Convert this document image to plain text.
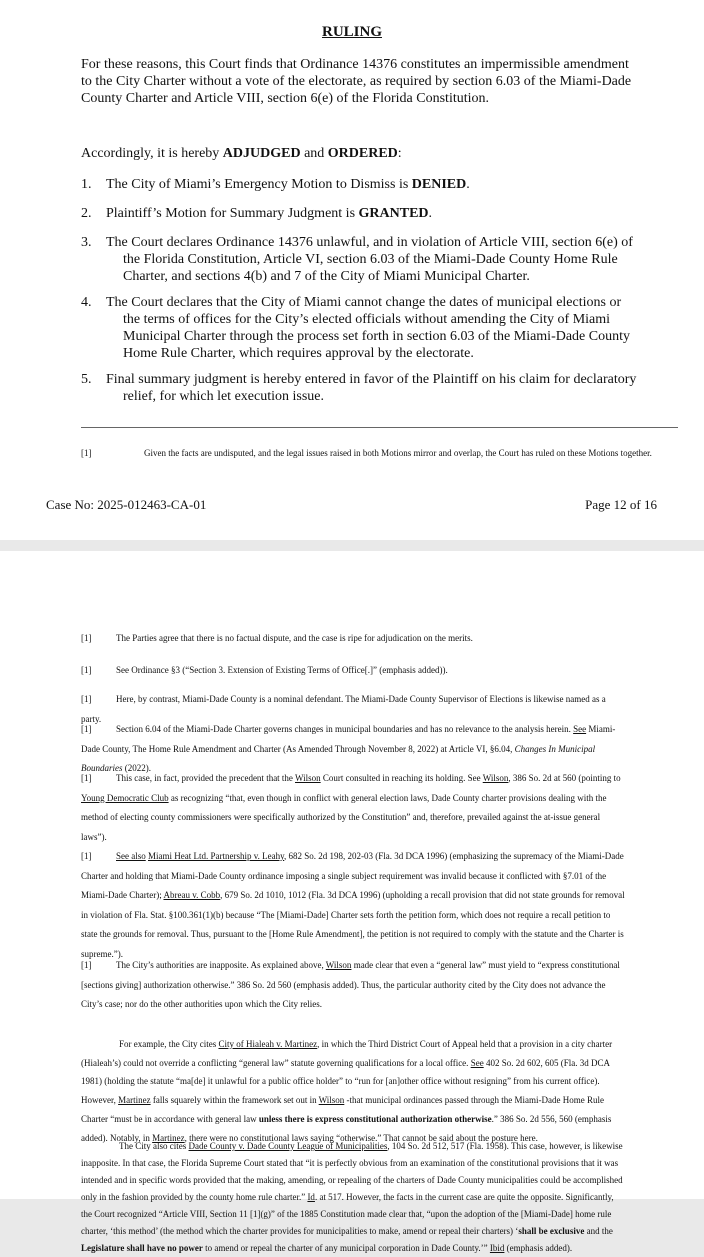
RULING
For these reasons, this Court finds that Ordinance 14376 constitutes an impermissible amendment to the City Charter without a vote of the electorate, as required by section 6.03 of the Miami-Dade County Charter and Article VIII, section 6(e) of the Florida Constitution.
Accordingly, it is hereby ADJUDGED and ORDERED:
1.	The City of Miami’s Emergency Motion to Dismiss is DENIED.
2.	Plaintiff’s Motion for Summary Judgment is GRANTED.
3.	The Court declares Ordinance 14376 unlawful, and in violation of Article VIII, section 6(e) of the Florida Constitution, Article VI, section 6.03 of the Miami-Dade County Home Rule Charter, and sections 4(b) and 7 of the City of Miami Municipal Charter.
4.	The Court declares that the City of Miami cannot change the dates of municipal elections or the terms of offices for the City’s elected officials without amending the City of Miami Municipal Charter through the process set forth in section 6.03 of the Miami-Dade County Home Rule Charter, which requires approval by the electorate.
5.	Final summary judgment is hereby entered in favor of the Plaintiff on his claim for declaratory relief, for which let execution issue.
[1]	Given the facts are undisputed, and the legal issues raised in both Motions mirror and overlap, the Court has ruled on these Motions together.
Case No: 2025-012463-CA-01	Page 12 of 16
[1]	The Parties agree that there is no factual dispute, and the case is ripe for adjudication on the merits.
[1]	See Ordinance §3 (“Section 3. Extension of Existing Terms of Office[.]” (emphasis added)).
[1]	Here, by contrast, Miami-Dade County is a nominal defendant. The Miami-Dade County Supervisor of Elections is likewise named as a party.
[1]	Section 6.04 of the Miami-Dade Charter governs changes in municipal boundaries and has no relevance to the analysis herein. See Miami-Dade County, The Home Rule Amendment and Charter (As Amended Through November 8, 2022) at Article VI, §6.04, Changes In Municipal Boundaries (2022).
[1]	This case, in fact, provided the precedent that the Wilson Court consulted in reaching its holding. See Wilson, 386 So. 2d at 560 (pointing to Young Democratic Club as recognizing “that, even though in conflict with general election laws, Dade County charter provisions dealing with the method of electing county commissioners were specifically authorized by the Constitution” and, therefore, prevailed against the at-issue general laws”).
[1]	See also Miami Heat Ltd. Partnership v. Leahy, 682 So. 2d 198, 202-03 (Fla. 3d DCA 1996) (emphasizing the supremacy of the Miami-Dade Charter and holding that Miami-Dade County ordinance imposing a single subject requirement was invalid because it conflicted with §7.01 of the Miami-Dade Charter); Abreau v. Cobb, 679 So. 2d 1010, 1012 (Fla. 3d DCA 1996) (upholding a recall provision that did not state grounds for removal in violation of Fla. Stat. §100.361(1)(b) because “The [Miami-Dade] Charter sets forth the petition form, which does not require a recall petition to state the grounds for removal. Thus, pursuant to the [Home Rule Amendment], the petition is not required to comply with the statute and the Charter is supreme.”).
[1]	The City’s authorities are inapposite. As explained above, Wilson made clear that even a “general law” must yield to “express constitutional [sections giving] authorization otherwise.” 386 So. 2d 560 (emphasis added). Thus, the particular authority cited by the City does not advance the City’s case; nor do the other authorities upon which the City relies.
For example, the City cites City of Hialeah v. Martinez, in which the Third District Court of Appeal held that a provision in a city charter (Hialeah’s) could not override a conflicting “general law” statute governing qualifications for a local office. See 402 So. 2d 602, 605 (Fla. 3d DCA 1981) (holding the statute “ma[de] it unlawful for a public office holder” to “run for [an]other office without resigning” from his current office). However, Martinez falls squarely within the framework set out in Wilson -that municipal ordinances passed through the Miami-Dade Home Rule Charter “must be in accordance with general law unless there is express constitutional authorization otherwise.” 386 So. 2d 556, 560 (emphasis added). Notably, in Martinez, there were no constitutional laws saying “otherwise.” That cannot be said about the posture here.
The City also cites Dade County v. Dade County League of Municipalities, 104 So. 2d 512, 517 (Fla. 1958). This case, however, is likewise inapposite. In that case, the Florida Supreme Court stated that “it is perfectly obvious from an examination of the constitutional provisions that it was intended and in specific words provided that the making, amending, or repealing of the charters of Dade County municipalities could be accomplished only in the fashion provided by the county home rule charter.” Id. at 517. However, the facts in the current case are quite the opposite. Significantly, the Court recognized “Article VIII, Section 11 [1](g)” of the 1885 Constitution made clear that, “upon the adoption of the [Miami-Dade] home rule charter, ‘this method’ (the method which the charter provides for municipalities to make, amend or repeal their charters) ‘shall be exclusive and the Legislature shall have no power to amend or repeal the charter of any municipal corporation in Dade County.’” Ibid (emphasis added).
